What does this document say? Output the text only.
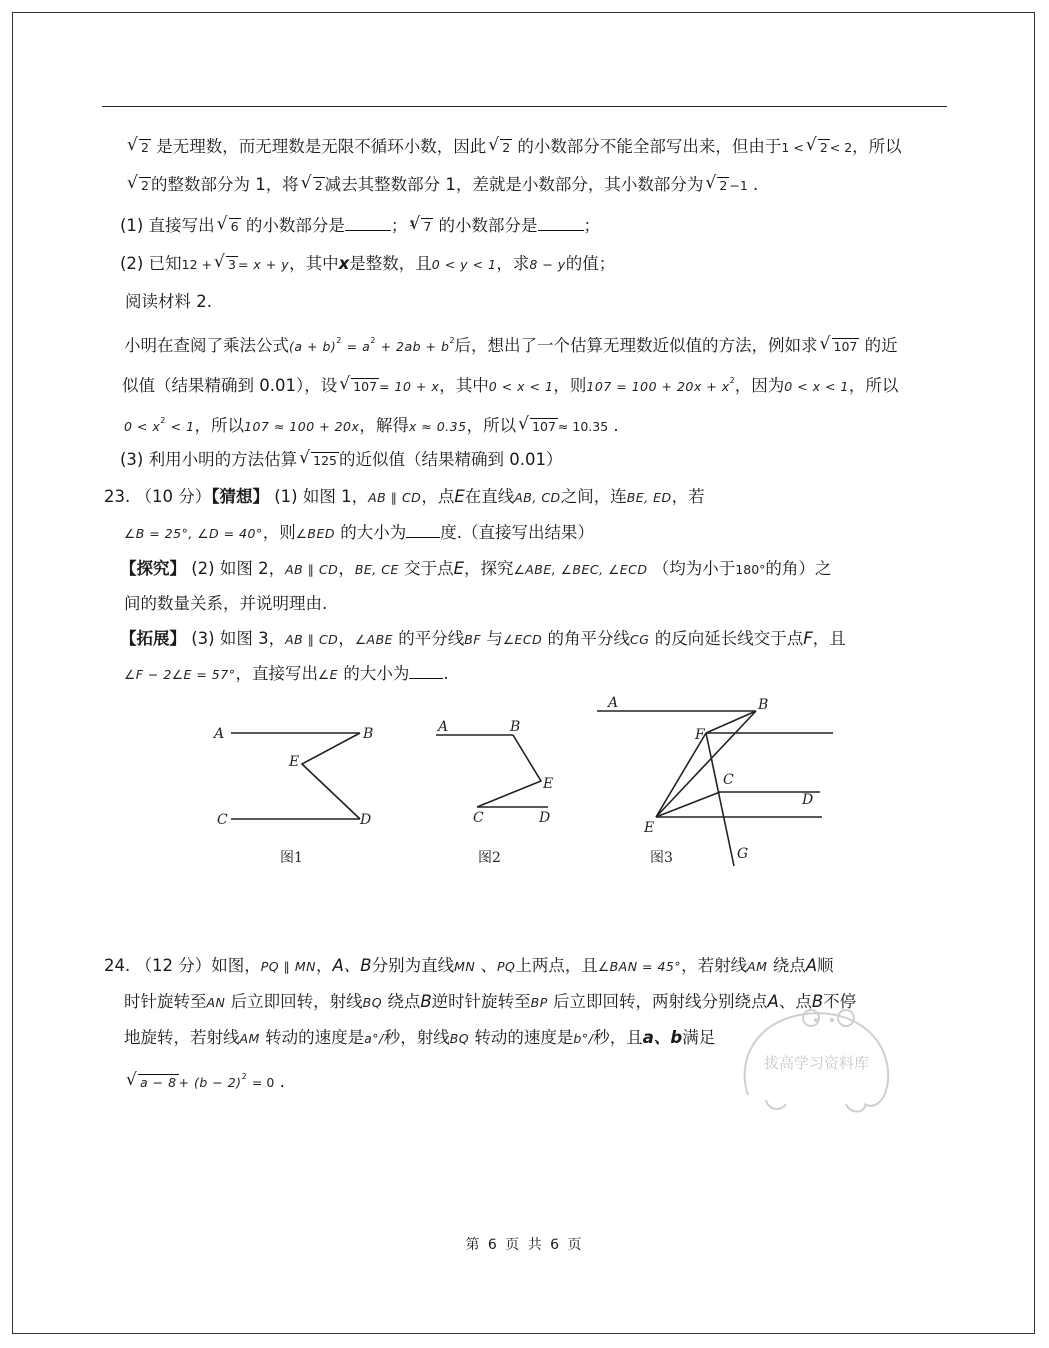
√ 2 是无理数，而无理数是无限不循环小数，因此 √ 2 的小数部分不能全部写出来，但由于1 < √ 2 < 2，所以
√ 2 的整数部分为 1，将 √ 2 减去其整数部分 1，差就是小数部分，其小数部分为 √ 2 −1 .
(1) 直接写出 √ 6 的小数部分是	； √ 3 7 的小数部分是	；
(2) 已知12 + √ 3 = x + y，其中x是整数，且0 < y < 1，求8 − y的值；
阅读材料 2.
小明在查阅了乘法公式$(a + b)^2 = a^2 + 2ab + b^2$后，想出了一个估算无理数近似值的方法，例如求 √ 107 的近
似值（结果精确到 0.01），设 √ 107 = 10 + x，其中0 < x < 1，则$107 = 100 + 20x + x^2$，因为0 < x < 1，所以
$0 < x^2 < 1$，所以107 ≈ 100 + 20x，解得x ≈ 0.35，所以 √ 107 ≈ 10.35 .
(3) 利用小明的方法估算 √ 125 的近似值（结果精确到 0.01）
23. （10 分）【猜想】 (1) 如图 1，AB ∥ CD，点E在直线AB, CD之间，连BE, ED，若
∠B = 25°, ∠D = 40°，则∠BED 的大小为 度.（直接写出结果）
【探究】 (2) 如图 2，AB ∥ CD，BE, CE 交于点E，探究∠ABE, ∠BEC, ∠ECD （均为小于180°的角）之
间的数量关系，并说明理由.
【拓展】 (3) 如图 3，AB ∥ CD，∠ABE 的平分线BF 与∠ECD 的角平分线CG 的反向延长线交于点F，且
∠F − 2∠E = 57°，直接写出∠E 的大小为 .
A	B
E
C	D
图1
A	B
E
C	D
图2
A	B
F
C
D
E
G
图3
24. （12 分）如图，PQ ∥ MN，A、B分别为直线MN 、PQ上两点，且∠BAN = 45°，若射线AM 绕点A顺
时针旋转至AN 后立即回转，射线BQ 绕点B逆时针旋转至BP 后立即回转，两射线分别绕点A、点B不停
地旋转，若射线AM 转动的速度是a°/秒，射线BQ 转动的速度是b°/秒，且a、b满足
√ $a - 8 + (b - 2)^2 = 0$ .
拔高学习资料库
第 6 页 共 6 页
